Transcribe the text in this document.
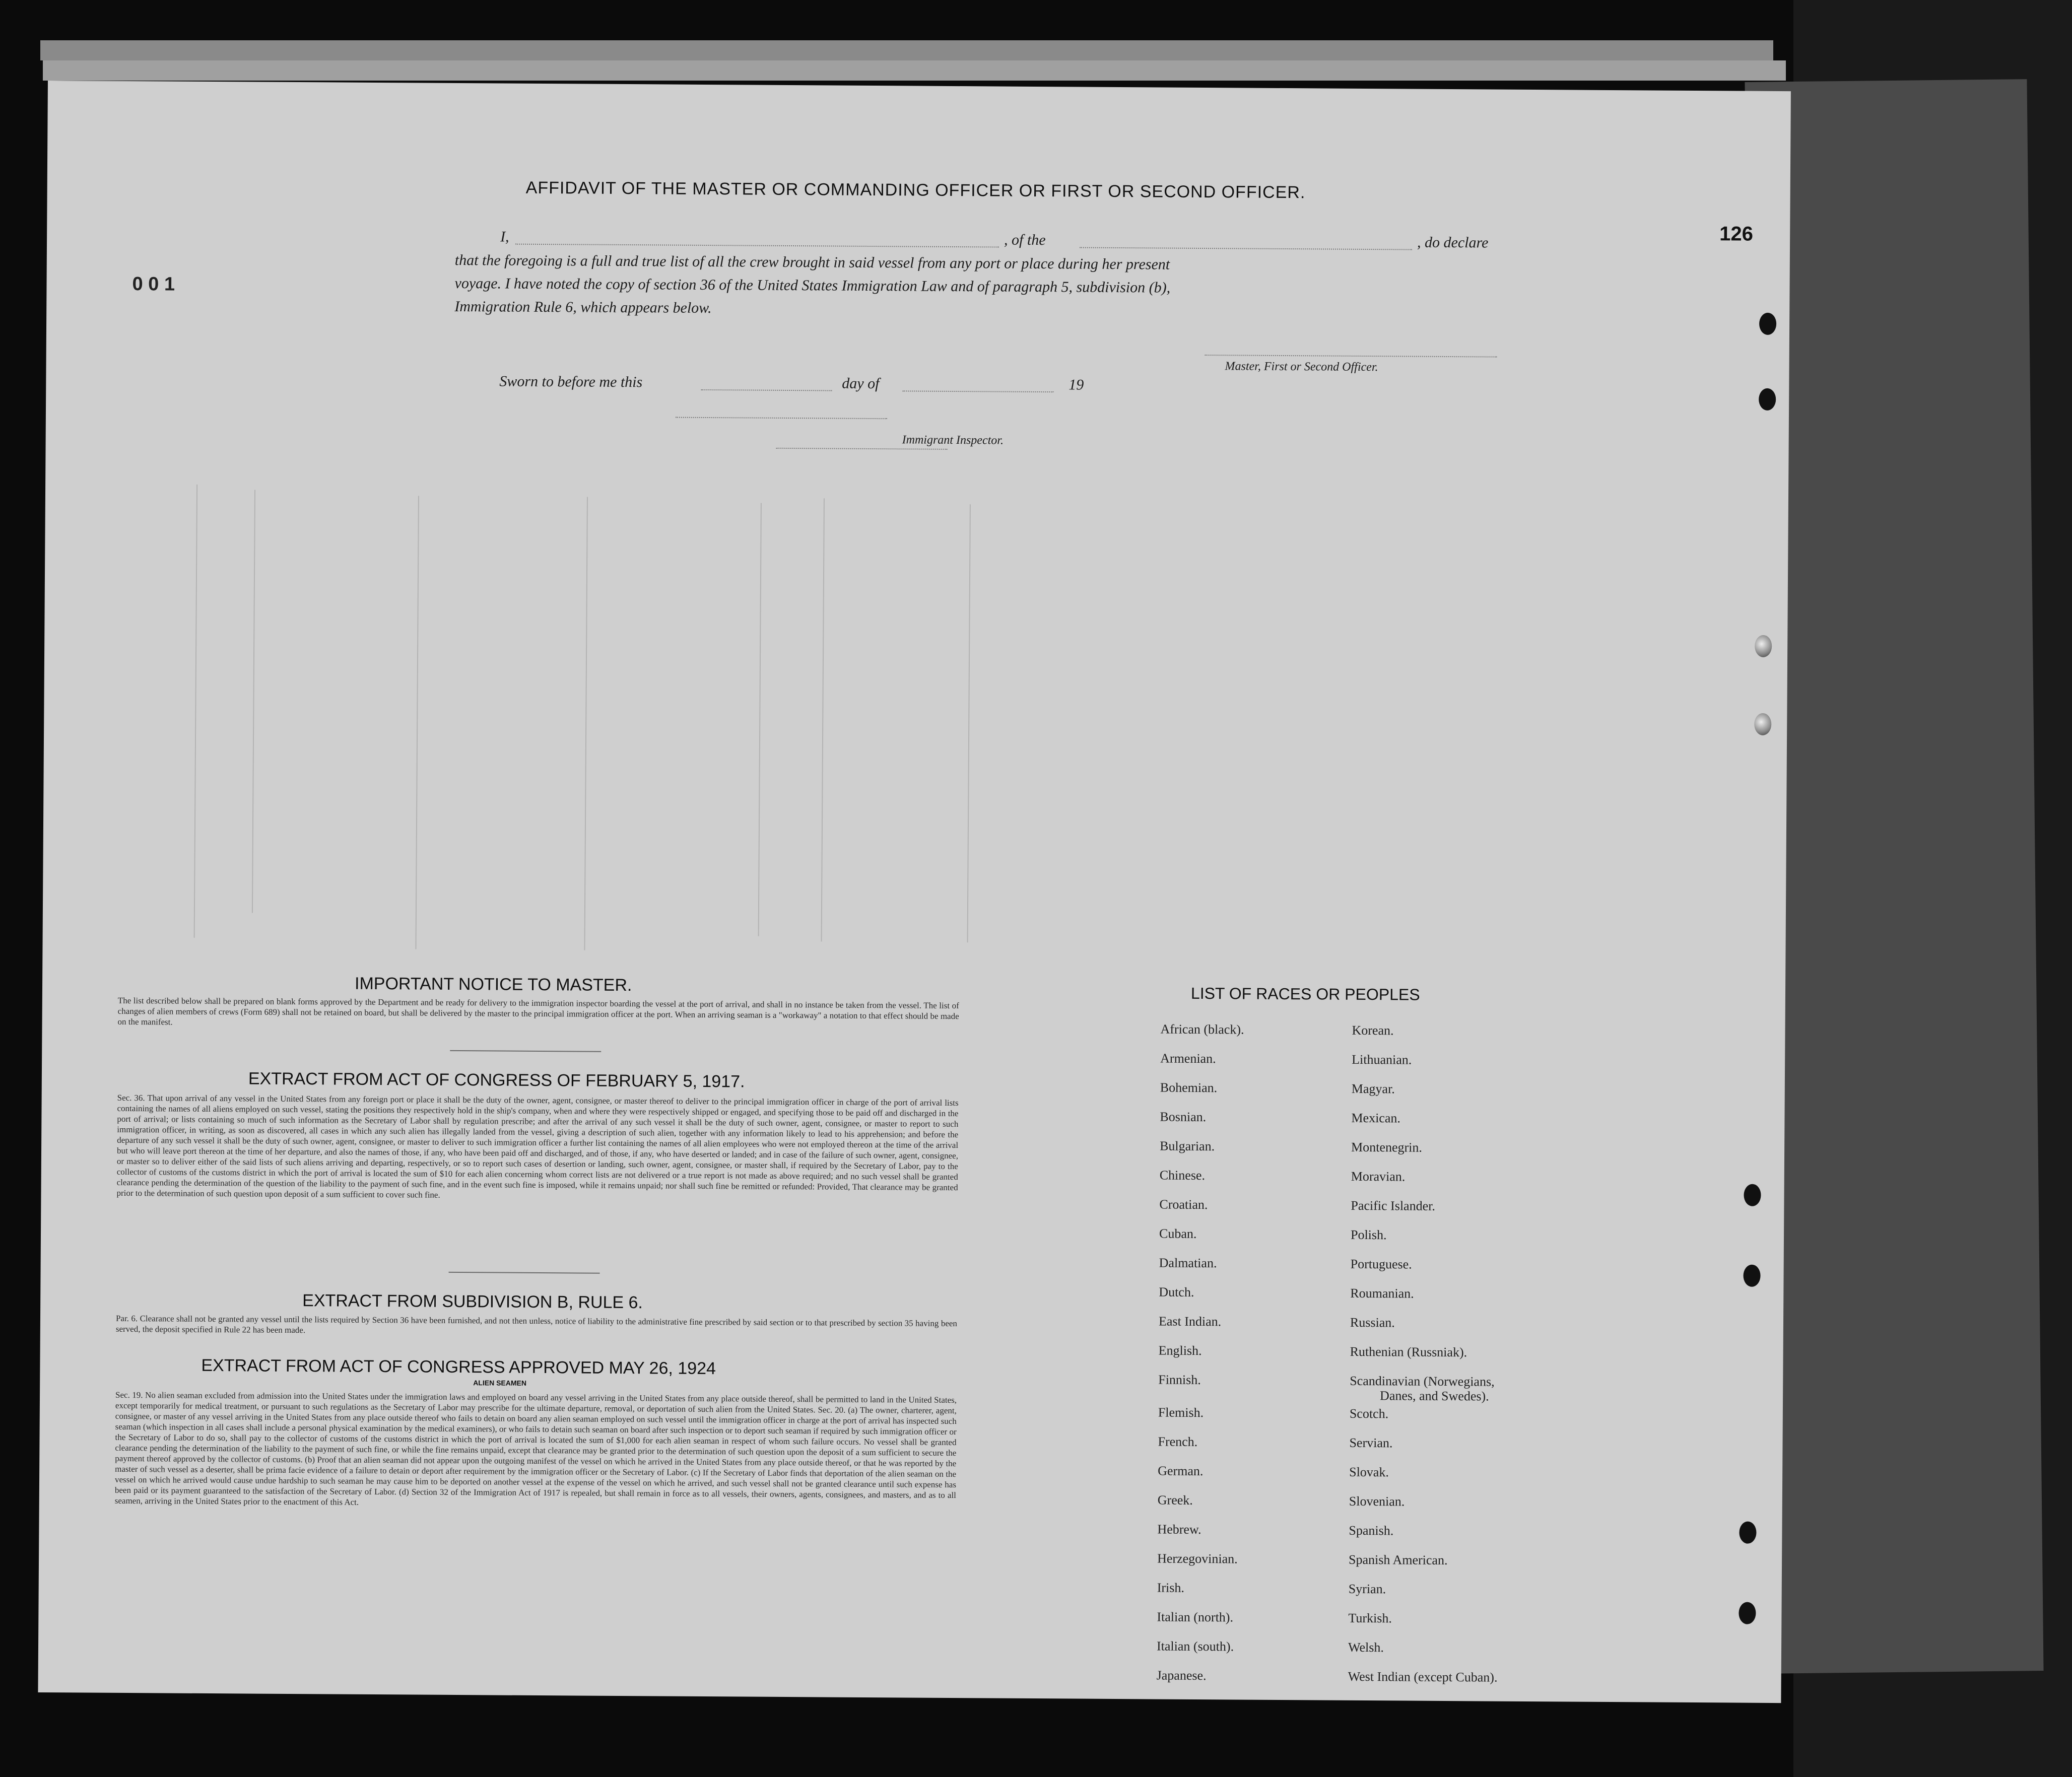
AFFIDAVIT OF THE MASTER OR COMMANDING OFFICER OR FIRST OR SECOND OFFICER.
I,	, of the	, do declare
that the foregoing is a full and true list of all the crew brought in said vessel from any port or place during her present
voyage. I have noted the copy of section 36 of the United States Immigration Law and of paragraph 5, subdivision (b),
Immigration Rule 6, which appears below.
Master, First or Second Officer.
Sworn to before me this	day of	19
Immigrant Inspector.
0 0 1
126
IMPORTANT NOTICE TO MASTER.
The list described below shall be prepared on blank forms approved by the Department and be ready for delivery to the immigration inspector boarding the vessel at the port of arrival, and shall in no instance be taken from the vessel. The list of changes of alien members of crews (Form 689) shall not be retained on board, but shall be delivered by the master to the principal immigration officer at the port. When an arriving seaman is a "workaway" a notation to that effect should be made on the manifest.
EXTRACT FROM ACT OF CONGRESS OF FEBRUARY 5, 1917.
Sec. 36. That upon arrival of any vessel in the United States from any foreign port or place it shall be the duty of the owner, agent, consignee, or master thereof to deliver to the principal immigration officer in charge of the port of arrival lists containing the names of all aliens employed on such vessel, stating the positions they respectively hold in the ship's company, when and where they were respectively shipped or engaged, and specifying those to be paid off and discharged in the port of arrival; or lists containing so much of such information as the Secretary of Labor shall by regulation prescribe; and after the arrival of any such vessel it shall be the duty of such owner, agent, consignee, or master to report to such immigration officer, in writing, as soon as discovered, all cases in which any such alien has illegally landed from the vessel, giving a description of such alien, together with any information likely to lead to his apprehension; and before the departure of any such vessel it shall be the duty of such owner, agent, consignee, or master to deliver to such immigration officer a further list containing the names of all alien employees who were not employed thereon at the time of the arrival but who will leave port thereon at the time of her departure, and also the names of those, if any, who have been paid off and discharged, and of those, if any, who have deserted or landed; and in case of the failure of such owner, agent, consignee, or master so to deliver either of the said lists of such aliens arriving and departing, respectively, or so to report such cases of desertion or landing, such owner, agent, consignee, or master shall, if required by the Secretary of Labor, pay to the collector of customs of the customs district in which the port of arrival is located the sum of $10 for each alien concerning whom correct lists are not delivered or a true report is not made as above required; and no such vessel shall be granted clearance pending the determination of the question of the liability to the payment of such fine, and in the event such fine is imposed, while it remains unpaid; nor shall such fine be remitted or refunded: Provided, That clearance may be granted prior to the determination of such question upon deposit of a sum sufficient to cover such fine.
EXTRACT FROM SUBDIVISION B, RULE 6.
Par. 6. Clearance shall not be granted any vessel until the lists required by Section 36 have been furnished, and not then unless, notice of liability to the administrative fine prescribed by said section or to that prescribed by section 35 having been served, the deposit specified in Rule 22 has been made.
EXTRACT FROM ACT OF CONGRESS APPROVED MAY 26, 1924
ALIEN SEAMEN
Sec. 19. No alien seaman excluded from admission into the United States under the immigration laws and employed on board any vessel arriving in the United States from any place outside thereof, shall be permitted to land in the United States, except temporarily for medical treatment, or pursuant to such regulations as the Secretary of Labor may prescribe for the ultimate departure, removal, or deportation of such alien from the United States. Sec. 20. (a) The owner, charterer, agent, consignee, or master of any vessel arriving in the United States from any place outside thereof who fails to detain on board any alien seaman employed on such vessel until the immigration officer in charge at the port of arrival has inspected such seaman (which inspection in all cases shall include a personal physical examination by the medical examiners), or who fails to detain such seaman on board after such inspection or to deport such seaman if required by such immigration officer or the Secretary of Labor to do so, shall pay to the collector of customs of the customs district in which the port of arrival is located the sum of $1,000 for each alien seaman in respect of whom such failure occurs. No vessel shall be granted clearance pending the determination of the liability to the payment of such fine, or while the fine remains unpaid, except that clearance may be granted prior to the determination of such question upon the deposit of a sum sufficient to secure the payment thereof approved by the collector of customs. (b) Proof that an alien seaman did not appear upon the outgoing manifest of the vessel on which he arrived in the United States from any place outside thereof, or that he was reported by the master of such vessel as a deserter, shall be prima facie evidence of a failure to detain or deport after requirement by the immigration officer or the Secretary of Labor. (c) If the Secretary of Labor finds that deportation of the alien seaman on the vessel on which he arrived would cause undue hardship to such seaman he may cause him to be deported on another vessel at the expense of the vessel on which he arrived, and such vessel shall not be granted clearance until such expense has been paid or its payment guaranteed to the satisfaction of the Secretary of Labor. (d) Section 32 of the Immigration Act of 1917 is repealed, but shall remain in force as to all vessels, their owners, agents, consignees, and masters, and as to all seamen, arriving in the United States prior to the enactment of this Act.
LIST OF RACES OR PEOPLES
African (black).
Armenian.
Bohemian.
Bosnian.
Bulgarian.
Chinese.
Croatian.
Cuban.
Dalmatian.
Dutch.
East Indian.
English.
Finnish.
Flemish.
French.
German.
Greek.
Hebrew.
Herzegovinian.
Irish.
Italian (north).
Italian (south).
Japanese.
Korean.
Lithuanian.
Magyar.
Mexican.
Montenegrin.
Moravian.
Pacific Islander.
Polish.
Portuguese.
Roumanian.
Russian.
Ruthenian (Russniak).
Scandinavian (Norwegians,
Danes, and Swedes).
Scotch.
Servian.
Slovak.
Slovenian.
Spanish.
Spanish American.
Syrian.
Turkish.
Welsh.
West Indian (except Cuban).
